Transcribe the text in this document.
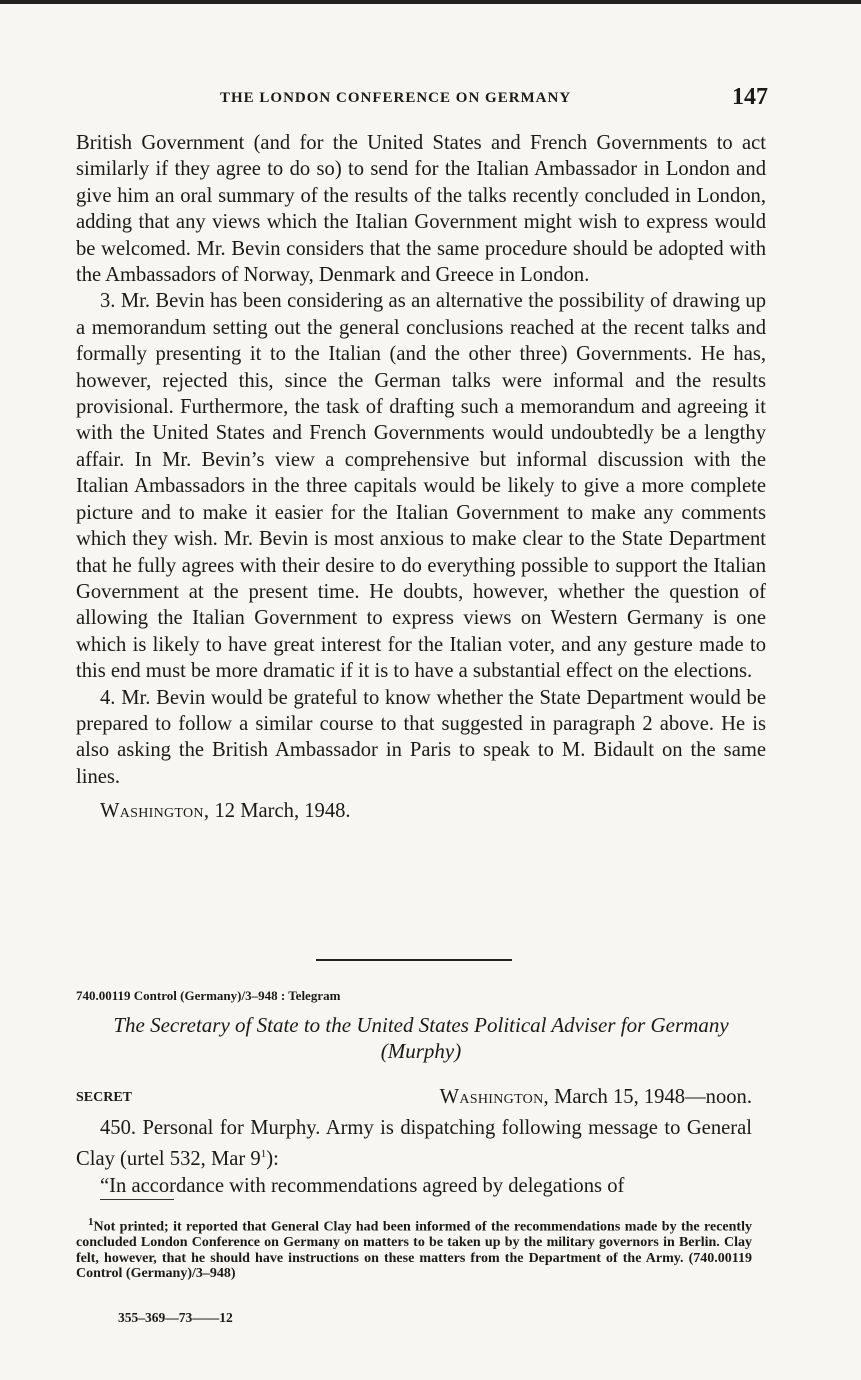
THE LONDON CONFERENCE ON GERMANY	147

British Government (and for the United States and French Governments to act similarly if they agree to do so) to send for the Italian Ambassador in London and give him an oral summary of the results of the talks recently concluded in London, adding that any views which the Italian Government might wish to express would be welcomed. Mr. Bevin considers that the same procedure should be adopted with the Ambassadors of Norway, Denmark and Greece in London.

3. Mr. Bevin has been considering as an alternative the possibility of drawing up a memorandum setting out the general conclusions reached at the recent talks and formally presenting it to the Italian (and the other three) Governments. He has, however, rejected this, since the German talks were informal and the results provisional. Furthermore, the task of drafting such a memorandum and agreeing it with the United States and French Governments would undoubtedly be a lengthy affair. In Mr. Bevin’s view a comprehensive but informal discussion with the Italian Ambassadors in the three capitals would be likely to give a more complete picture and to make it easier for the Italian Government to make any comments which they wish. Mr. Bevin is most anxious to make clear to the State Department that he fully agrees with their desire to do everything possible to support the Italian Government at the present time. He doubts, however, whether the question of allowing the Italian Government to express views on Western Germany is one which is likely to have great interest for the Italian voter, and any gesture made to this end must be more dramatic if it is to have a substantial effect on the elections.

4. Mr. Bevin would be grateful to know whether the State Department would be prepared to follow a similar course to that suggested in paragraph 2 above. He is also asking the British Ambassador in Paris to speak to M. Bidault on the same lines.

Washington, 12 March, 1948.

740.00119 Control (Germany)/3–948 : Telegram
The Secretary of State to the United States Political Adviser for Germany (Murphy)
SECRET	Washington, March 15, 1948—noon.

450. Personal for Murphy. Army is dispatching following message to General Clay (urtel 532, Mar $9^1$):

“In accordance with recommendations agreed by delegations of

$^1$Not printed; it reported that General Clay had been informed of the recommendations made by the recently concluded London Conference on Germany on matters to be taken up by the military governors in Berlin. Clay felt, however, that he should have instructions on these matters from the Department of the Army. (740.00119 Control (Germany)/3–948)

355–369—73——12
